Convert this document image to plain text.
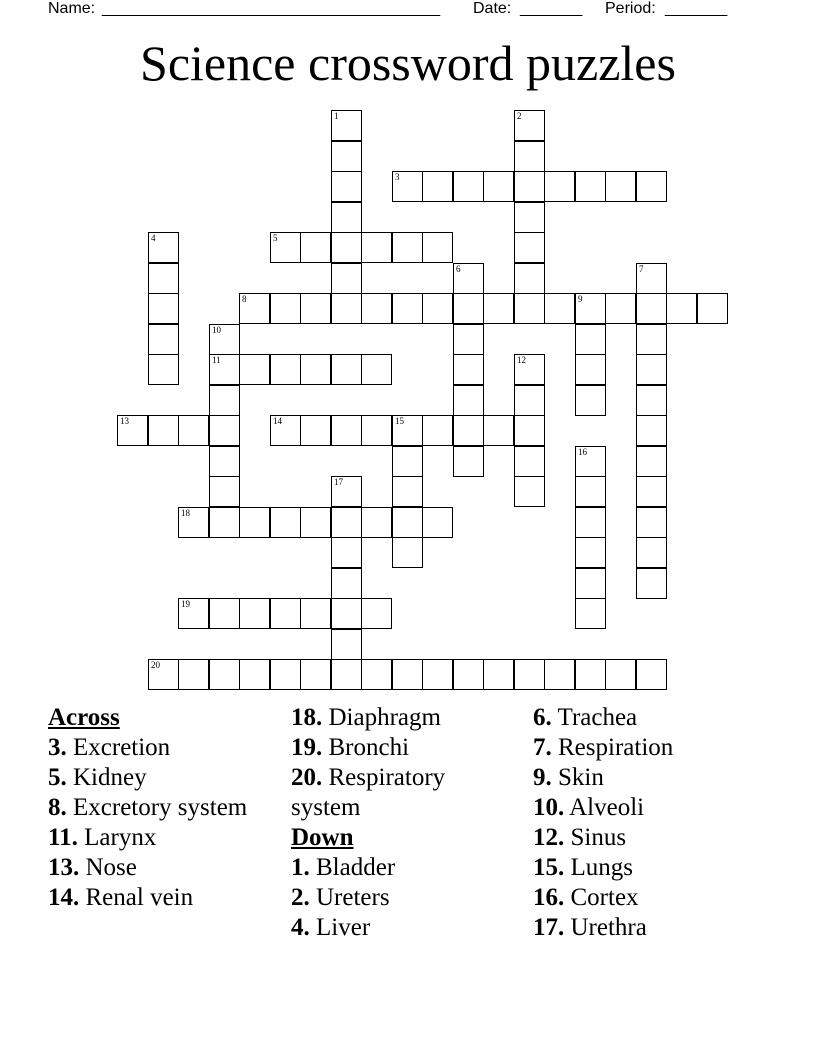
Name: ______________________________________ Date: _______ Period: _______
Science crossword puzzles
3
5
8	9
11
13	14	15
18
19
20
1	2
4
6	7
10
12
16
17
Across
3. Excretion
5. Kidney
8. Excretory system
11. Larynx
13. Nose
14. Renal vein
18. Diaphragm
19. Bronchi
20. Respiratory system
Down
1. Bladder
2. Ureters
4. Liver
6. Trachea
7. Respiration
9. Skin
10. Alveoli
12. Sinus
15. Lungs
16. Cortex
17. Urethra
